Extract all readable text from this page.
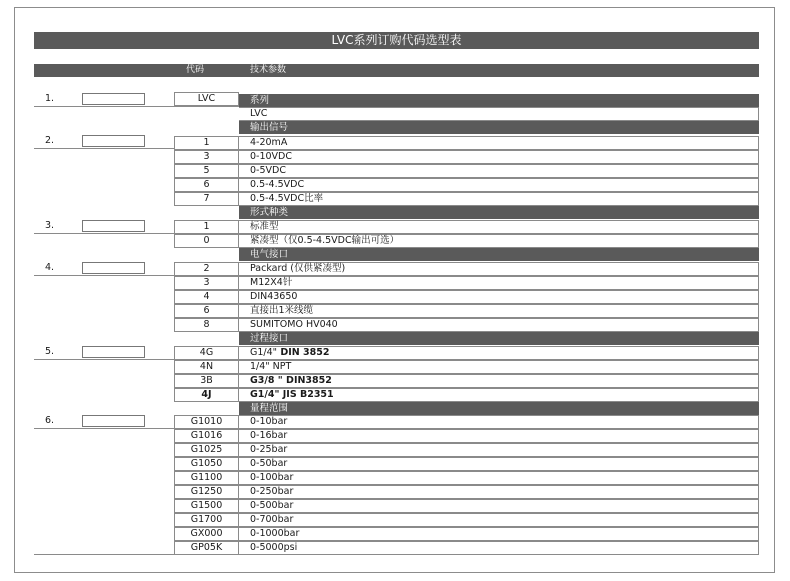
LVC系列订购代码选型表
代码	技术参数
1.	LVC	系列
LVC
输出信号
2.	1	4-20mA
3	0-10VDC
5	0-5VDC
6	0.5-4.5VDC
7	0.5-4.5VDC比率
形式种类
3.	1	标准型
0	紧凑型（仅0.5-4.5VDC输出可选）
电气接口
4.	2	Packard (仅供紧凑型)
3	M12X4针
4	DIN43650
6	直接出1米线缆
8	SUMITOMO HV040
过程接口
5.	4G	G1/4" DIN 3852
4N	1/4" NPT
3B	G3/8 " DIN3852
4J	G1/4" JIS B2351
量程范围
6.	G1010	0-10bar
G1016	0-16bar
G1025	0-25bar
G1050	0-50bar
G1100	0-100bar
G1250	0-250bar
G1500	0-500bar
G1700	0-700bar
GX000	0-1000bar
GP05K	0-5000psi
